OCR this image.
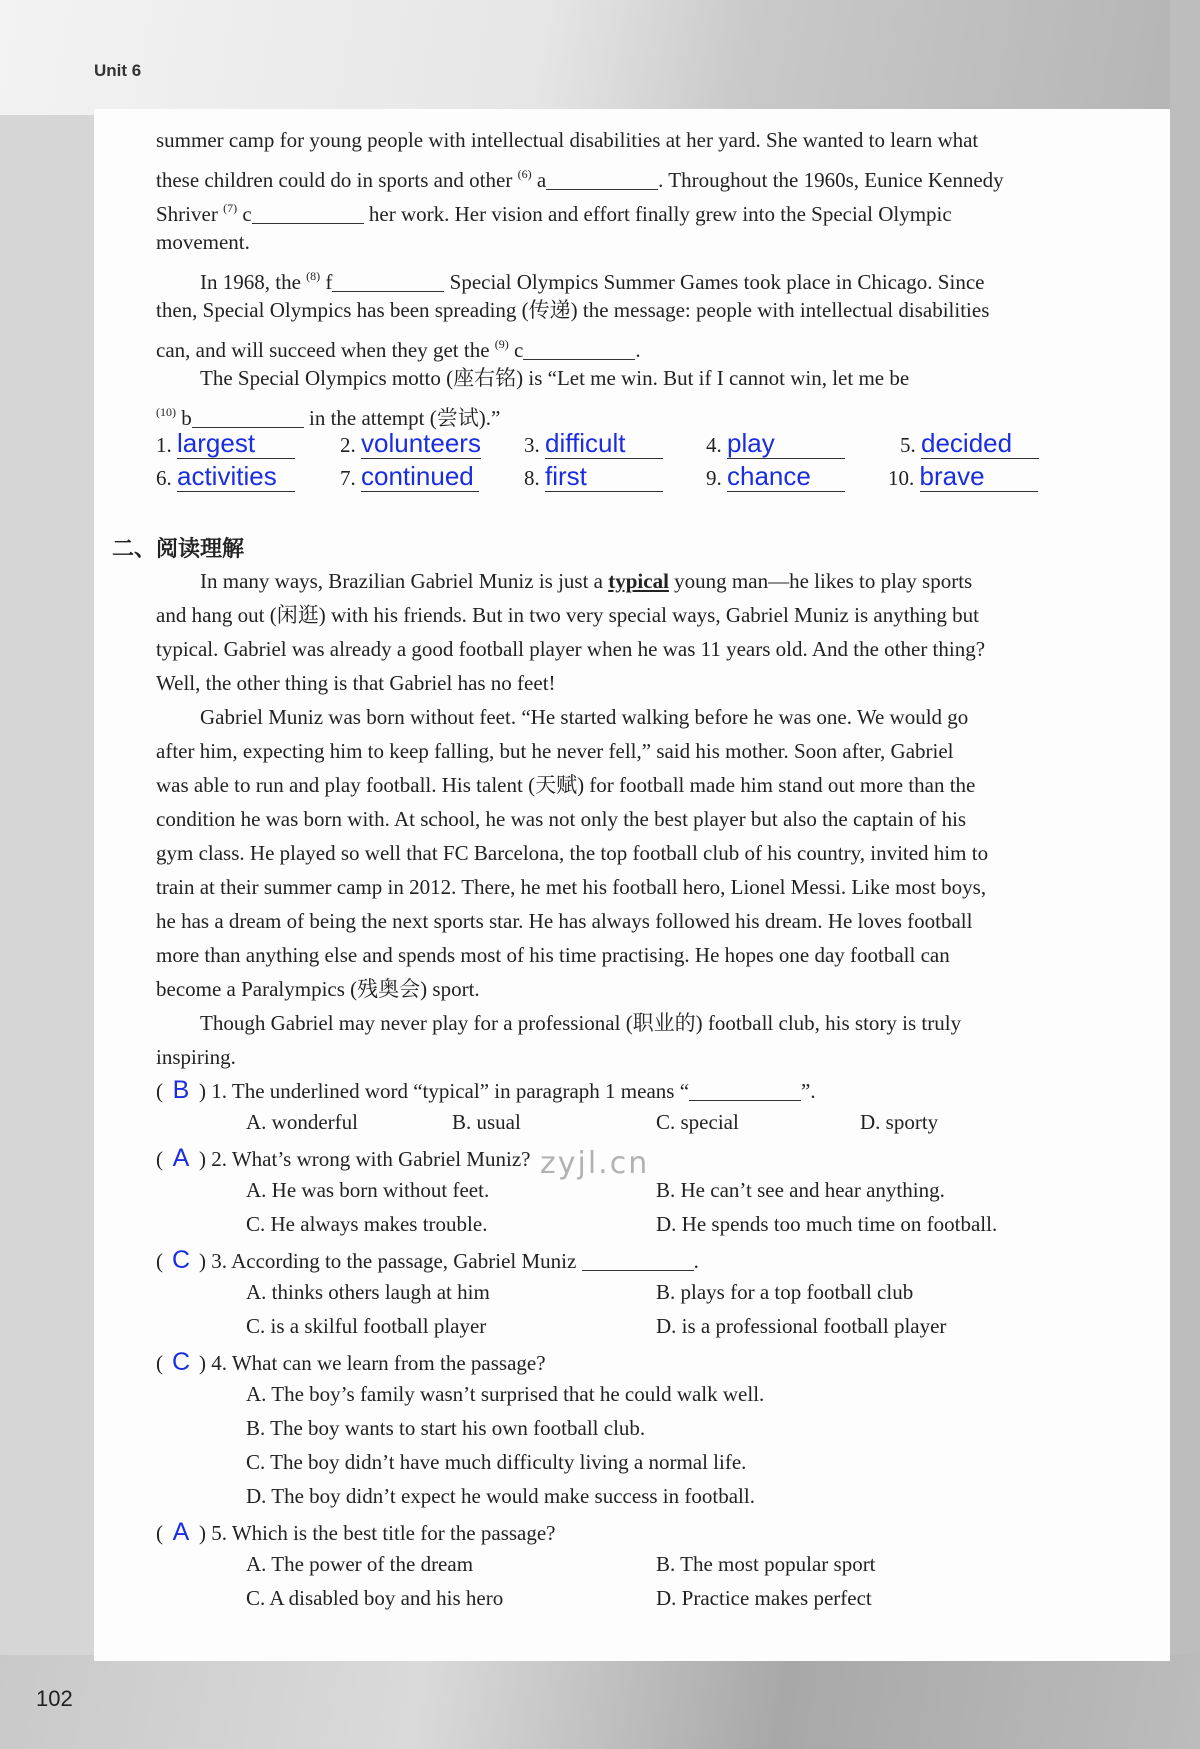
Unit 6
summer camp for young people with intellectual disabilities at her yard. She wanted to learn what
these children could do in sports and other $^{(6)}$ a	. Throughout the 1960s, Eunice Kennedy
Shriver $^{(7)}$ c	her work. Her vision and effort finally grew into the Special Olympic
movement.
In 1968, the $^{(8)}$ f	Special Olympics Summer Games took place in Chicago. Since
then, Special Olympics has been spreading (传递) the message: people with intellectual disabilities
can, and will succeed when they get the $^{(9)}$ c	.
The Special Olympics motto (座右铭) is “Let me win. But if I cannot win, let me be
$^{(10)}$ b	in the attempt (尝试).”
1. largest	2. volunteers 3. difficult	4. play	5. decided
6. activities	7. continued 8. first	9. chance	10. brave
二、阅读理解
In many ways, Brazilian Gabriel Muniz is just a typical young man—he likes to play sports
and hang out (闲逛) with his friends. But in two very special ways, Gabriel Muniz is anything but
typical. Gabriel was already a good football player when he was 11 years old. And the other thing?
Well, the other thing is that Gabriel has no feet!
Gabriel Muniz was born without feet. “He started walking before he was one. We would go
after him, expecting him to keep falling, but he never fell,” said his mother. Soon after, Gabriel
was able to run and play football. His talent (天赋) for football made him stand out more than the
condition he was born with. At school, he was not only the best player but also the captain of his
gym class. He played so well that FC Barcelona, the top football club of his country, invited him to
train at their summer camp in 2012. There, he met his football hero, Lionel Messi. Like most boys,
he has a dream of being the next sports star. He has always followed his dream. He loves football
more than anything else and spends most of his time practising. He hopes one day football can
become a Paralympics (残奥会) sport.
Though Gabriel may never play for a professional (职业的) football club, his story is truly
inspiring.
( B ) 1. The underlined word “typical” in paragraph 1 means “	”.
A. wonderful	B. usual	C. special	D. sporty
( A ) 2. What’s wrong with Gabriel Muniz?
A. He was born without feet.	B. He can’t see and hear anything.
C. He always makes trouble.	D. He spends too much time on football.
( C ) 3. According to the passage, Gabriel Muniz	.
A. thinks others laugh at him	B. plays for a top football club
C. is a skilful football player	D. is a professional football player
( C ) 4. What can we learn from the passage?
A. The boy’s family wasn’t surprised that he could walk well.
B. The boy wants to start his own football club.
C. The boy didn’t have much difficulty living a normal life.
D. The boy didn’t expect he would make success in football.
( A ) 5. Which is the best title for the passage?
A. The power of the dream	B. The most popular sport
C. A disabled boy and his hero	D. Practice makes perfect
zyjl.cn
102
